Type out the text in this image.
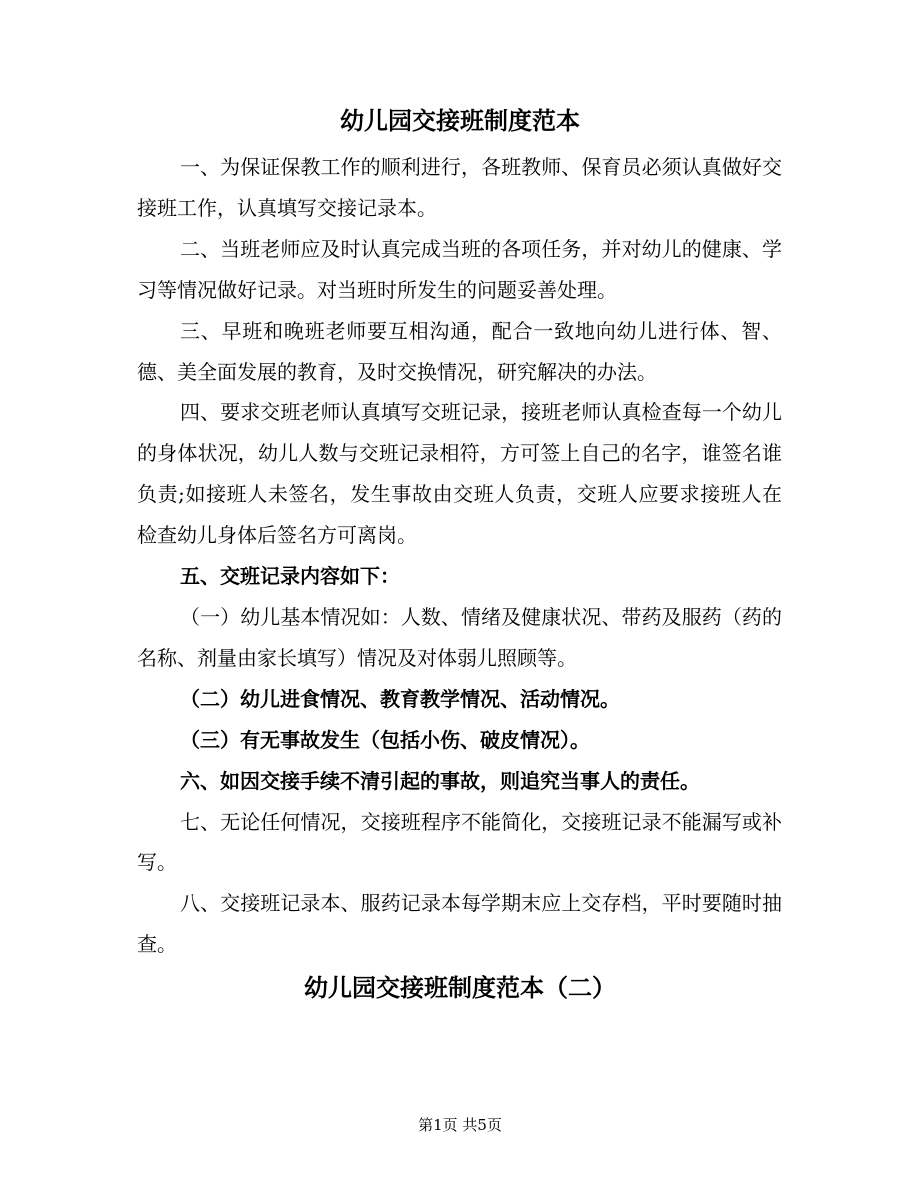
幼儿园交接班制度范本

一、为保证保教工作的顺利进行，各班教师、保育员必须认真做好交接班工作，认真填写交接记录本。

二、当班老师应及时认真完成当班的各项任务，并对幼儿的健康、学习等情况做好记录。对当班时所发生的问题妥善处理。

三、早班和晚班老师要互相沟通，配合一致地向幼儿进行体、智、德、美全面发展的教育，及时交换情况，研究解决的办法。

四、要求交班老师认真填写交班记录，接班老师认真检查每一个幼儿的身体状况，幼儿人数与交班记录相符，方可签上自己的名字，谁签名谁负责;如接班人未签名，发生事故由交班人负责，交班人应要求接班人在检查幼儿身体后签名方可离岗。

五、交班记录内容如下：

（一）幼儿基本情况如：人数、情绪及健康状况、带药及服药（药的名称、剂量由家长填写）情况及对体弱儿照顾等。

（二）幼儿进食情况、教育教学情况、活动情况。

（三）有无事故发生（包括小伤、破皮情况）。

六、如因交接手续不清引起的事故，则追究当事人的责任。

七、无论任何情况，交接班程序不能简化，交接班记录不能漏写或补写。

八、交接班记录本、服药记录本每学期末应上交存档，平时要随时抽查。

幼儿园交接班制度范本（二）
第1页 共5页
